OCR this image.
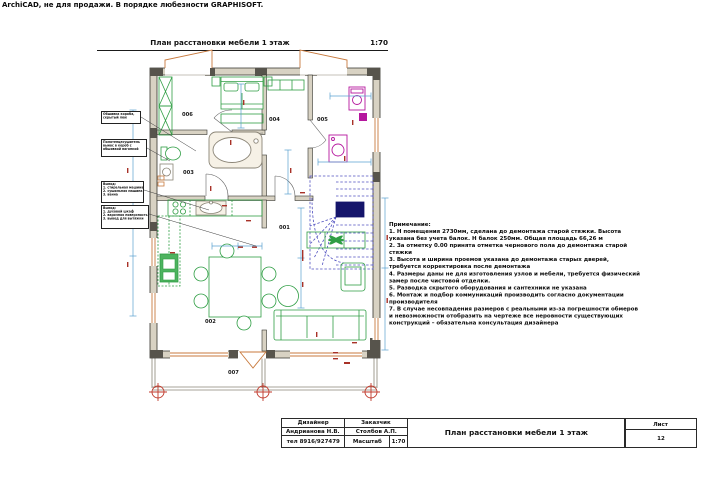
ArchiCAD, не для продажи. В порядке любезности GRAPHISOFT.
План расстановки мебели 1 этаж	1:70
001
002
003
004	005
006
007
Обшивка короба,
скрытый люк
Полотенцесушитель
вынос в короб с
обшивкой вагонкой
Вывод:
1. стиральная машина
2. сушильная машина
3. ванна
Вывод:
1. духовой шкаф
2. варочная поверхность
3. вывод для вытяжки
Примечание:
1. Н помещения 2730мм, сделана до демонтажа старой стяжки. Высота указана без учета балок. Н балок 250мм. Общая площадь 66,26 м
2. За отметку 0.00 принята отметка чернового пола до демонтажа старой стяжки
3. Высота и ширина проемов указана до демонтажа старых дверей, требуется корректировка после демонтажа
4. Размеры даны не для изготовления узлов и мебели, требуется физический замер после чистовой отделки.
5. Разводка скрытого оборудования и сантехники не указана
6. Монтаж и подбор коммуникаций производить согласно документации производителя
7. В случае несовпадения размеров с реальными из-за погрешности обмеров и невозможности отобразить на чертеже все неровности существующих конструкций – обязательна консультация дизайнера
Дизайнер	Заказчик
Андрианова Н.В. Столбов А.П.
тел 8916/927479 Масштаб 1:70
План расстановки мебели 1 этаж
Лист
12
